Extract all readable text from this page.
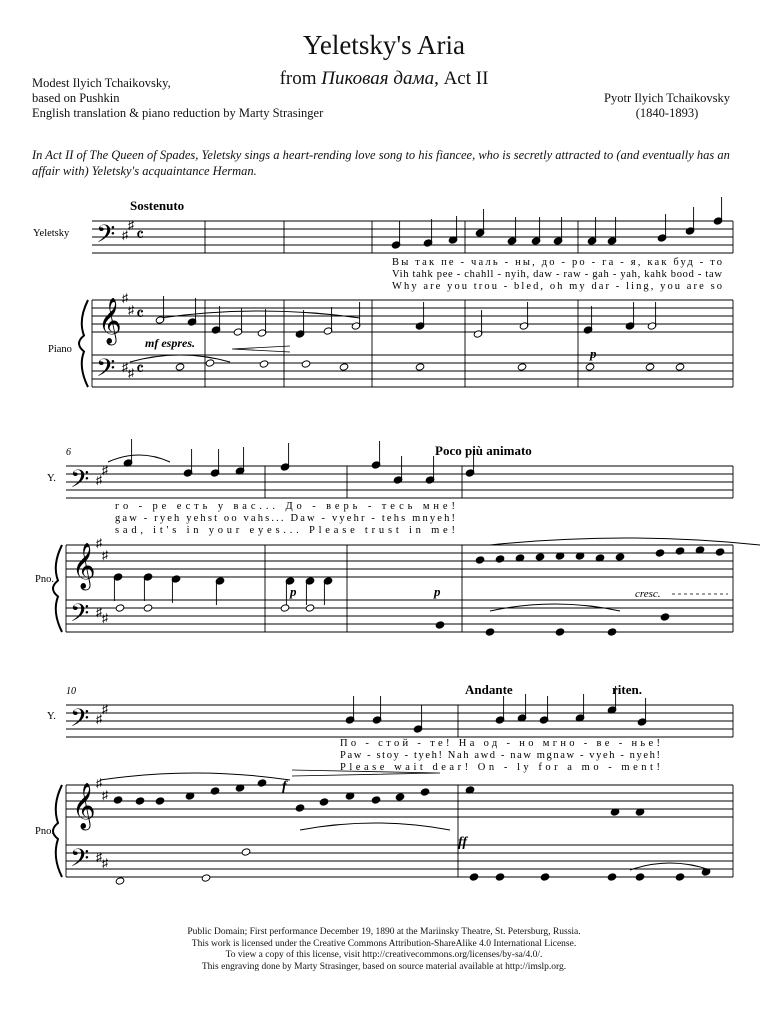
Yeletsky's Aria
from Пиковая дама, Act II
Modest Ilyich Tchaikovsky,
based on Pushkin
English translation & piano reduction by Marty Strasinger
Pyotr Ilyich Tchaikovsky
(1840-1893)
In Act II of The Queen of Spades, Yeletsky sings a heart-rending love song to his fiancee, who is secretly attracted to (and eventually has an affair with) Yeletsky's acquaintance Herman.
𝄢
𝄞
𝄢
♯
♯
♯
♯
♯ ♯
𝄴
𝄴
𝄴
𝄢
𝄞
𝄢
♯
♯
♯
♯
♯ ♯
𝄢
𝄞
𝄢
♯
♯
♯
♯
♯ ♯
Sostenuto
Yeletsky
Piano
Вы так пе - чаль - ны, до - ро - га - я, как буд - то
Vih tahk pee - chahll - nyih, daw - raw - gah - yah, kahk bood - taw
Why are you trou - bled, oh my dar - ling, you are so
mf espres.
p
6	Poco più animato
Y.
Pno.
го - ре есть у вас... До - верь - тесь мне!
gaw - ryeh yehst oo vahs... Daw - vyehr - tehs mnyeh!
sad, it's in your eyes... Please trust in me!
p	p	cresc.
10	Andante	riten.
Y.
Pno.
По - стой - те! На од - но мгно - ве - нье!
Paw - stoy - tyeh! Nah awd - naw mgnaw - vyeh - nyeh!
Please wait dear! On - ly for a mo - ment!
f
ff
Public Domain; First performance December 19, 1890 at the Mariinsky Theatre, St. Petersburg, Russia.
This work is licensed under the Creative Commons Attribution-ShareAlike 4.0 International License.
To view a copy of this license, visit http://creativecommons.org/licenses/by-sa/4.0/.
This engraving done by Marty Strasinger, based on source material available at http://imslp.org.
